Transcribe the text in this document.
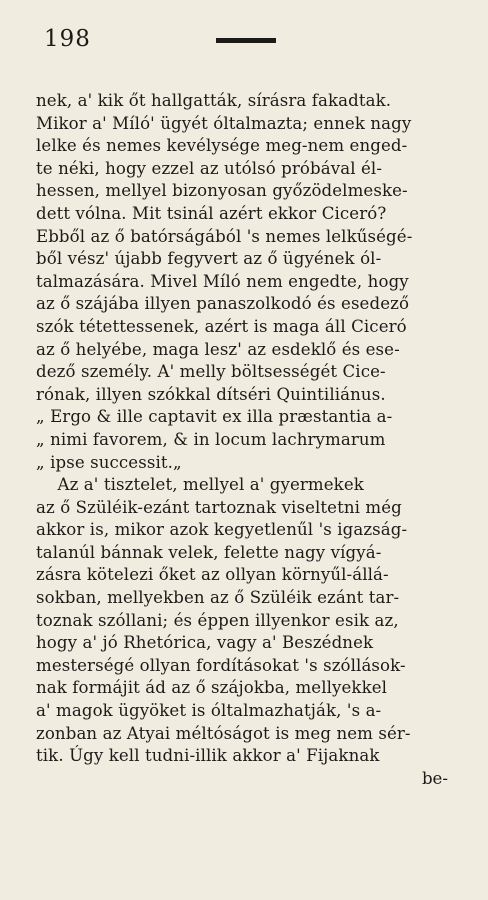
198
nek, a' kik őt hallgatták, sírásra fakadtak.
Mikor a' Míló' ügyét óltalmazta; ennek nagy
lelke és nemes kevélysége meg-nem enged-
te néki, hogy ezzel az utólsó próbával él-
hessen, mellyel bizonyosan győzödelmeske-
dett vólna. Mit tsinál azért ekkor Ciceró?
Ebből az ő batórságából 's nemes lelkűségé-
ből vész' újabb fegyvert az ő ügyének ól-
talmazására. Mivel Míló nem engedte, hogy
az ő szájába illyen panaszolkodó és esedező
szók tétettessenek, azért is maga áll Ciceró
az ő helyébe, maga lesz' az esdeklő és ese-
dező személy. A' melly böltsességét Cice-
rónak, illyen szókkal dítséri Quintiliánus.
„ Ergo & ille captavit ex illa præstantia a-
„ nimi favorem, & in locum lachrymarum
„ ipse successit.„
Az a' tisztelet, mellyel a' gyermekek
az ő Szüléik-ezánt tartoznak viseltetni még
akkor is, mikor azok kegyetlenűl 's igazság-
talanúl bánnak velek, felette nagy vígyá-
zásra kötelezi őket az ollyan környűl-állá-
sokban, mellyekben az ő Szüléik ezánt tar-
toznak szóllani; és éppen illyenkor esik az,
hogy a' jó Rhetórica, vagy a' Beszédnek
mesterségé ollyan fordításokat 's szóllások-
nak formájit ád az ő szájokba, mellyekkel
a' magok ügyöket is óltalmazhatják, 's a-
zonban az Atyai méltóságot is meg nem sér-
tik. Úgy kell tudni-illik akkor a' Fijaknak
be-
